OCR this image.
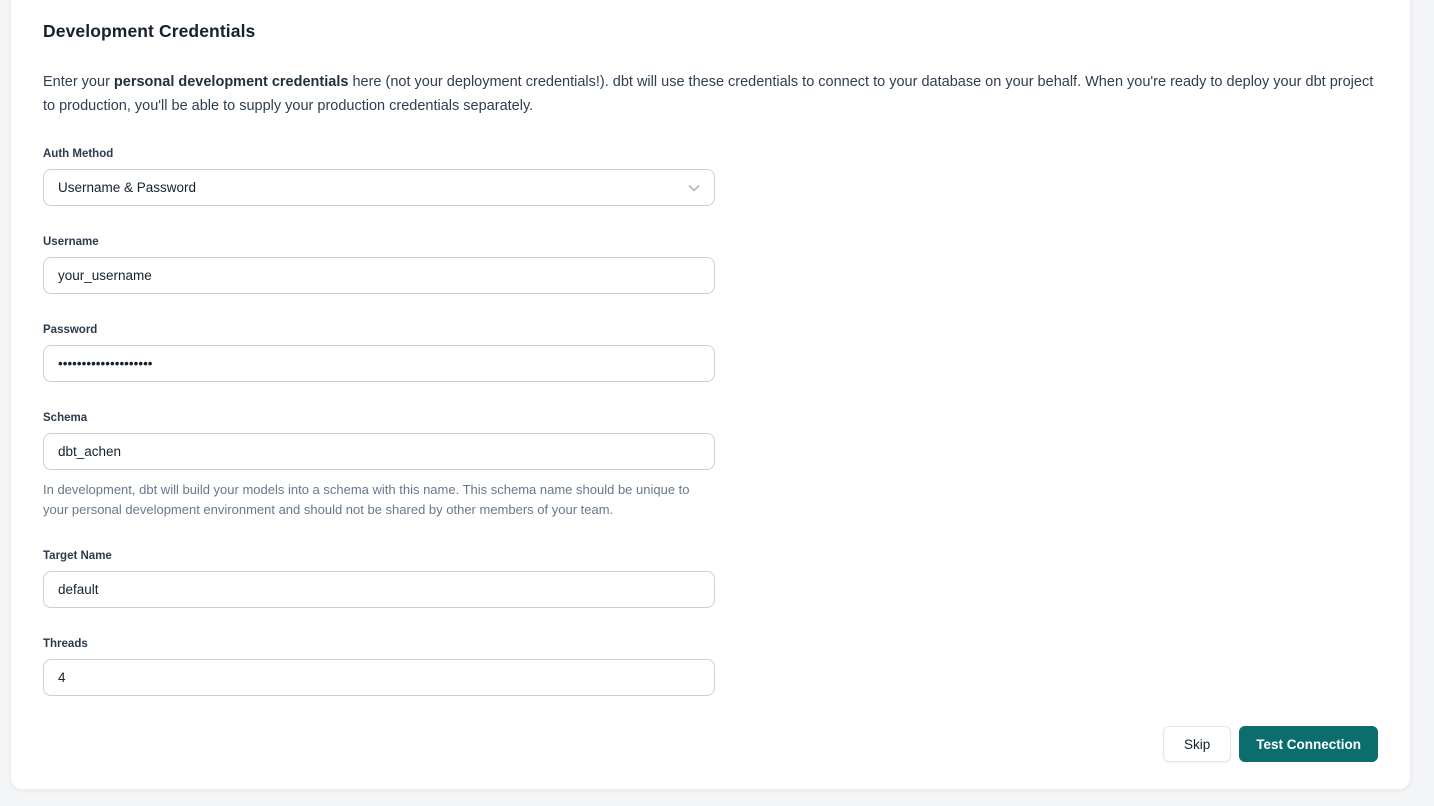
Development Credentials
Enter your personal development credentials here (not your deployment credentials!). dbt will use these credentials to connect to your database on your behalf. When you're ready to deploy your dbt project to production, you'll be able to supply your production credentials separately.
Auth Method
Username & Password
Username
your_username
Password
••••••••••••••••••••
Schema
dbt_achen
In development, dbt will build your models into a schema with this name. This schema name should be unique to your personal development environment and should not be shared by other members of your team.
Target Name
default
Threads
4
Skip	Test Connection
